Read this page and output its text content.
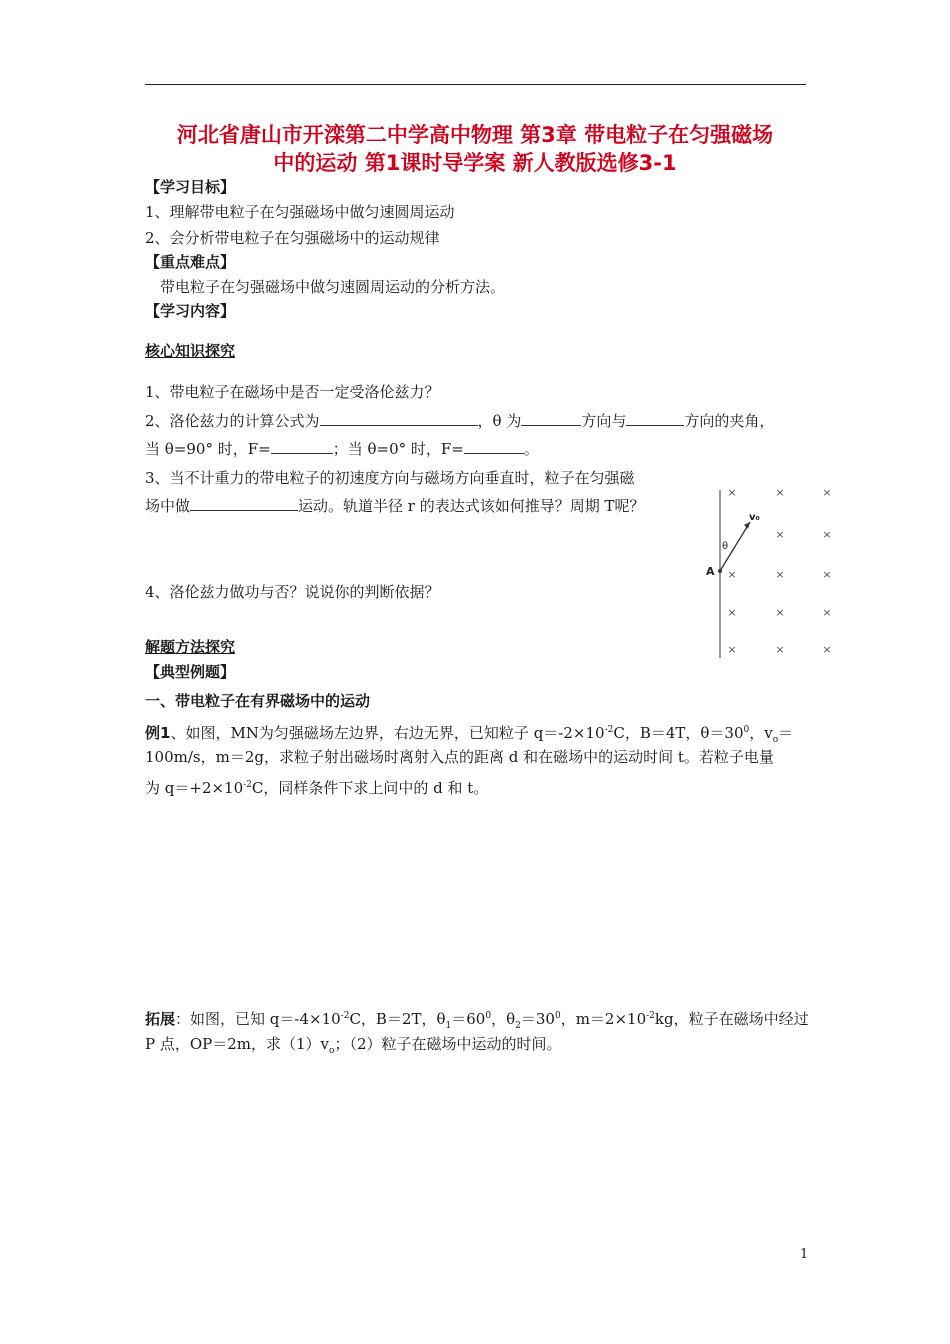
河北省唐山市开滦第二中学高中物理 第3章 带电粒子在匀强磁场
中的运动 第1课时导学案 新人教版选修3-1
【学习目标】
1、理解带电粒子在匀强磁场中做匀速圆周运动
2、会分析带电粒子在匀强磁场中的运动规律
【重点难点】
带电粒子在匀强磁场中做匀速圆周运动的分析方法。
【学习内容】
核心知识探究
1、带电粒子在磁场中是否一定受洛伦兹力？
2、洛伦兹力的计算公式为	，θ 为	方向与	方向的夹角，
当 θ=90° 时，F=	；当 θ=0° 时，F=	。
3、当不计重力的带电粒子的初速度方向与磁场方向垂直时，粒子在匀强磁
场中做	运动。轨道半径 r 的表达式该如何推导？周期 T呢？
4、洛伦兹力做功与否？说说你的判断依据？
×	×	×
×	×
×	×	×
×	×	×
×	×	×
A
v₀
θ
解题方法探究
【典型例题】
一、带电粒子在有界磁场中的运动
例1、如图，MN为匀强磁场左边界，右边无界，已知粒子 $q=-2\times 10^{-2}C$，B＝4T，$\theta=30^0$，$v_o=$
100m/s，m＝2g，求粒子射出磁场时离射入点的距离 d 和在磁场中的运动时间 t。若粒子电量
为 $q=+2\times 10^{-2}C$，同样条件下求上问中的 d 和 t。
拓展：如图，已知 $q=-4\times 10^{-2}C$，B＝2T，$\theta_1=60^0$，$\theta_2=30^0$，$m=2\times 10^{-2}kg$，粒子在磁场中经过
P 点，OP＝2m，求$(1)v_o$；（2）粒子在磁场中运动的时间。
1
